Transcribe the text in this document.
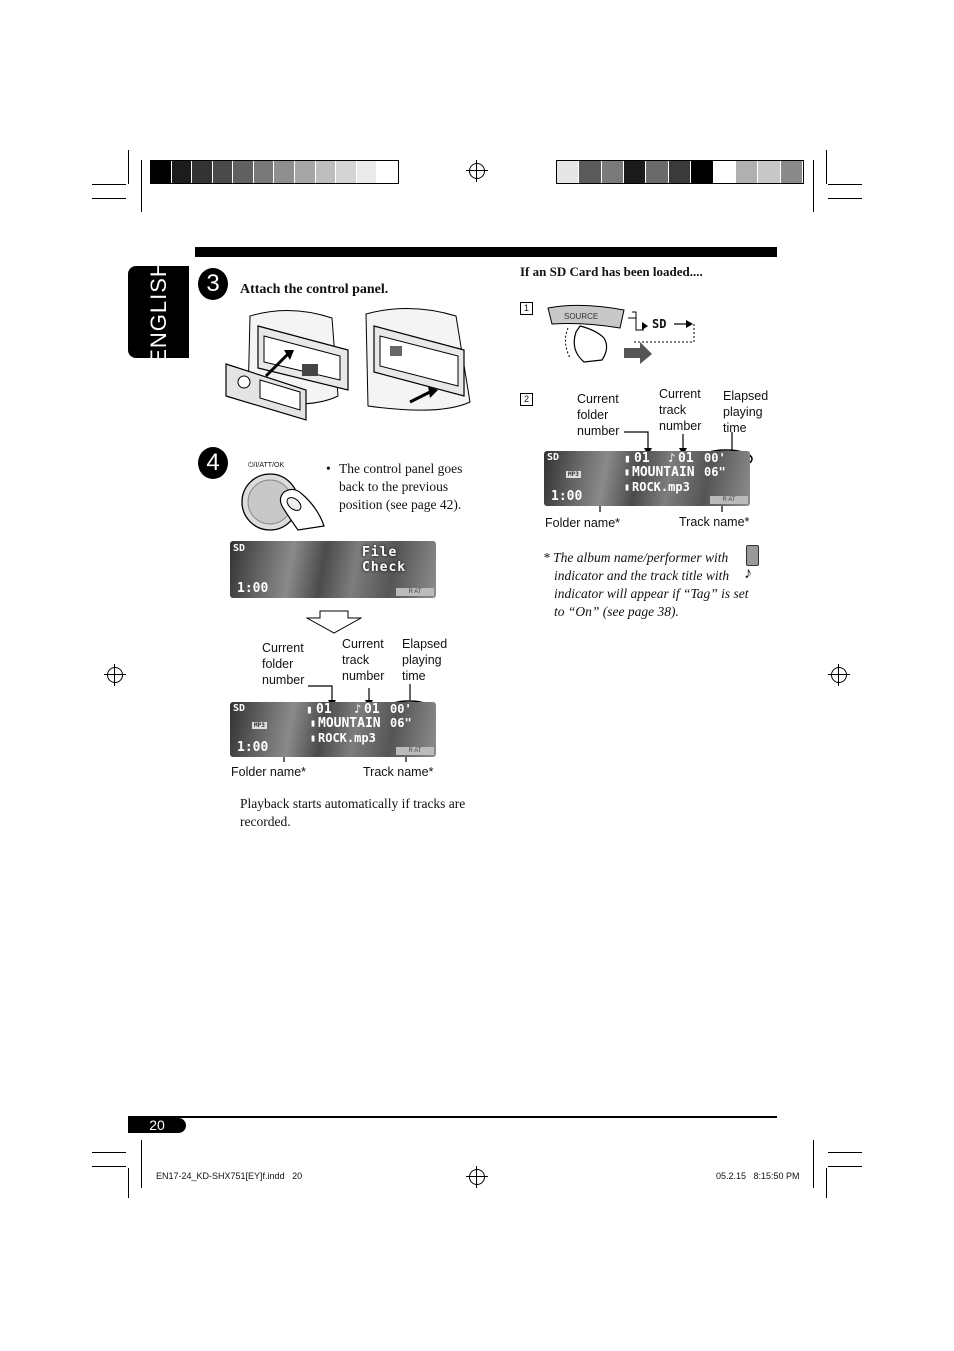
ENGLISH	3	Attach the control panel.
4	⏻/I/ATT/OK	• The control panel goes back to the previous position (see page 42).
SD	File Check
1:00	R AT
Current folder number
Current track number
Elapsed playing time
SD
MP3
▮ 01 ♪ 01 00' 06"
▮ MOUNTAIN
▮ ROCK.mp3
1:00	R AT
Folder name*	Track name*
Playback starts automatically if tracks are recorded.
If an SD Card has been loaded....
1
SOURCE
SD
2	Current folder number
Current track number
Elapsed playing time
SD
MP3
▮ 01 ♪ 01 00' 06"
▮ MOUNTAIN
▮ ROCK.mp3
1:00	R AT
Folder name*	Track name*
* The album name/performer with
indicator and the track title with
indicator will appear if “Tag” is set
to “On” (see page 38).
♪
20
EN17-24_KD-SHX751[EY]f.indd   20	05.2.15   8:15:50 PM
